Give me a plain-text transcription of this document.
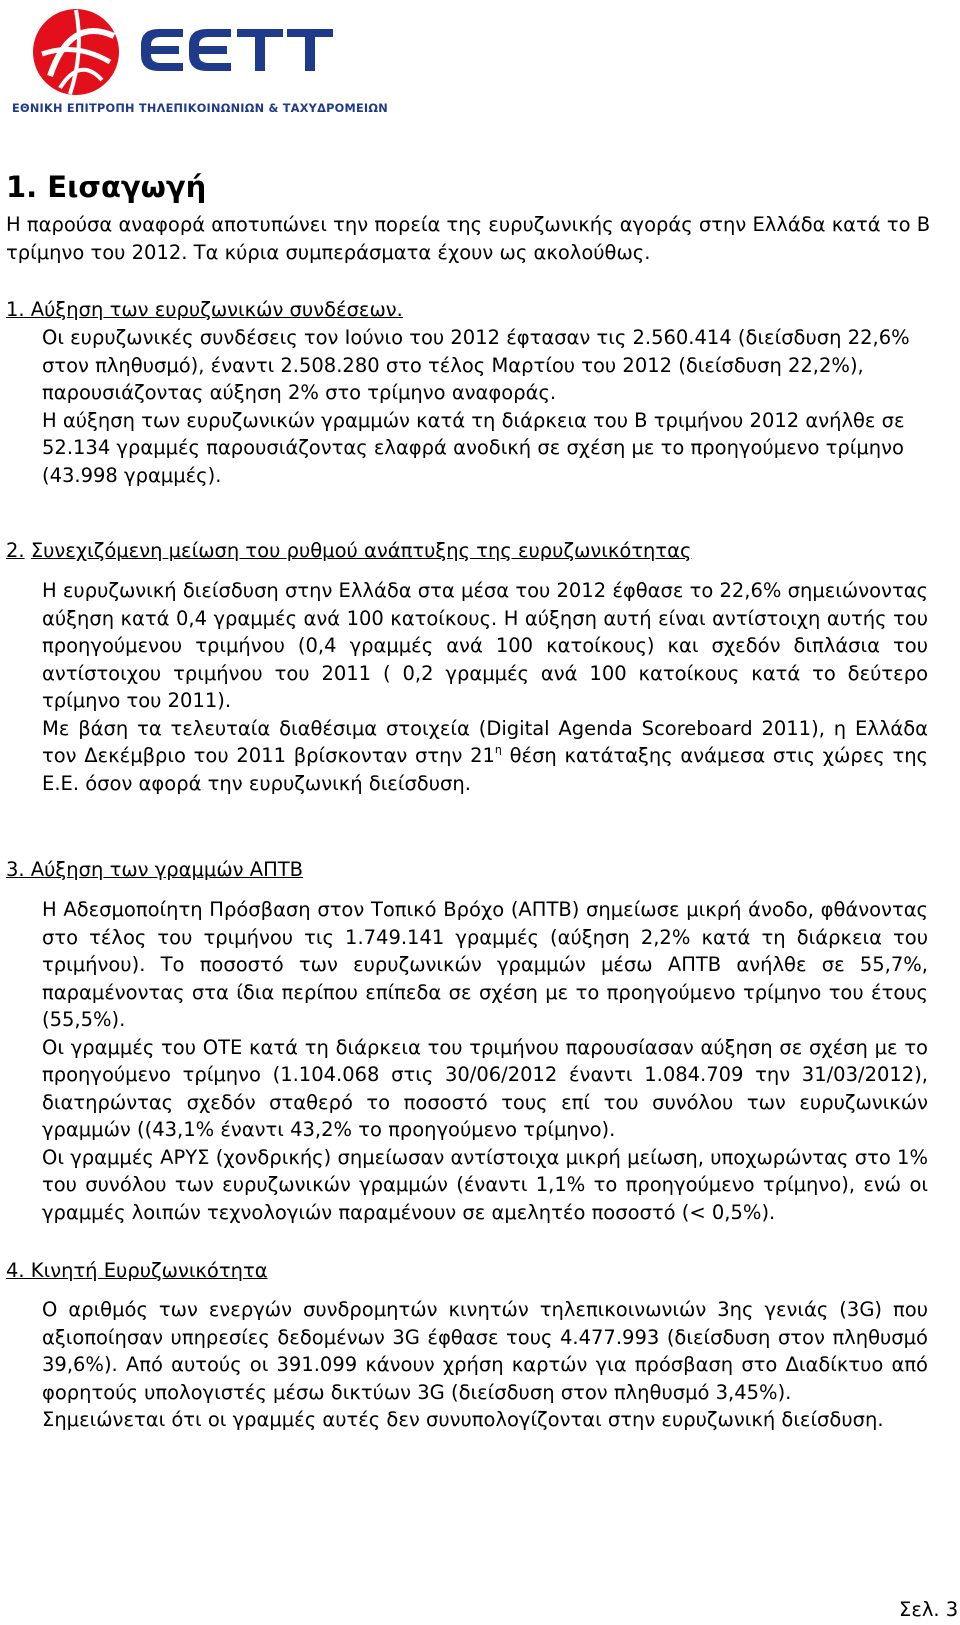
ΕΘΝΙΚΗ ΕΠΙΤΡΟΠΗ ΤΗΛΕΠΙΚΟΙΝΩΝΙΩΝ & ΤΑΧΥΔΡΟΜΕΙΩΝ
1. Εισαγωγή
Η παρούσα αναφορά αποτυπώνει την πορεία της ευρυζωνικής αγοράς στην Ελλάδα κατά το Β
τρίμηνο του 2012. Τα κύρια συμπεράσματα έχουν ως ακολούθως.
1. Αύξηση των ευρυζωνικών συνδέσεων.
Οι ευρυζωνικές συνδέσεις τον Ιούνιο του 2012 έφτασαν τις 2.560.414 (διείσδυση 22,6%
στον πληθυσμό), έναντι 2.508.280 στο τέλος Μαρτίου του 2012 (διείσδυση 22,2%),
παρουσιάζοντας αύξηση 2% στο τρίμηνο αναφοράς.
Η αύξηση των ευρυζωνικών γραμμών κατά τη διάρκεια του Β τριμήνου 2012 ανήλθε σε
52.134 γραμμές παρουσιάζοντας ελαφρά ανοδική σε σχέση με το προηγούμενο τρίμηνο
(43.998 γραμμές).
2. Συνεχιζόμενη μείωση του ρυθμού ανάπτυξης της ευρυζωνικότητας

Η ευρυζωνική διείσδυση στην Ελλάδα στα μέσα του 2012 έφθασε το 22,6% σημειώνοντας αύξηση κατά 0,4 γραμμές ανά 100 κατοίκους. Η αύξηση αυτή είναι αντίστοιχη αυτής του προηγούμενου τριμήνου (0,4 γραμμές ανά 100 κατοίκους) και σχεδόν διπλάσια του αντίστοιχου τριμήνου του 2011 ( 0,2 γραμμές ανά 100 κατοίκους κατά το δεύτερο τρίμηνο του 2011).

Με βάση τα τελευταία διαθέσιμα στοιχεία (Digital Agenda Scoreboard 2011), η Ελλάδα τον Δεκέμβριο του 2011 βρίσκονταν στην $21^\eta$ θέση κατάταξης ανάμεσα στις χώρες της Ε.Ε. όσον αφορά την ευρυζωνική διείσδυση.

3. Αύξηση των γραμμών ΑΠΤΒ

Η Αδεσμοποίητη Πρόσβαση στον Τοπικό Βρόχο (ΑΠΤΒ) σημείωσε μικρή άνοδο, φθάνοντας στο τέλος του τριμήνου τις 1.749.141 γραμμές (αύξηση 2,2% κατά τη διάρκεια του τριμήνου). Το ποσοστό των ευρυζωνικών γραμμών μέσω ΑΠΤΒ ανήλθε σε 55,7%, παραμένοντας στα ίδια περίπου επίπεδα σε σχέση με το προηγούμενο τρίμηνο του έτους (55,5%).

Οι γραμμές του ΟΤΕ κατά τη διάρκεια του τριμήνου παρουσίασαν αύξηση σε σχέση με το προηγούμενο τρίμηνο (1.104.068 στις 30/06/2012 έναντι 1.084.709 την 31/03/2012), διατηρώντας σχεδόν σταθερό το ποσοστό τους επί του συνόλου των ευρυζωνικών γραμμών ((43,1% έναντι 43,2% το προηγούμενο τρίμηνο).

Οι γραμμές ΑΡΥΣ (χονδρικής) σημείωσαν αντίστοιχα μικρή μείωση, υποχωρώντας στο 1% του συνόλου των ευρυζωνικών γραμμών (έναντι 1,1% το προηγούμενο τρίμηνο), ενώ οι γραμμές λοιπών τεχνολογιών παραμένουν σε αμελητέο ποσοστό (< 0,5%).

4. Κινητή Ευρυζωνικότητα

Ο αριθμός των ενεργών συνδρομητών κινητών τηλεπικοινωνιών 3ης γενιάς (3G) που αξιοποίησαν υπηρεσίες δεδομένων 3G έφθασε τους 4.477.993 (διείσδυση στον πληθυσμό 39,6%). Από αυτούς οι 391.099 κάνουν χρήση καρτών για πρόσβαση στο Διαδίκτυο από φορητούς υπολογιστές μέσω δικτύων 3G (διείσδυση στον πληθυσμό 3,45%).

Σημειώνεται ότι οι γραμμές αυτές δεν συνυπολογίζονται στην ευρυζωνική διείσδυση.

Σελ. 3
